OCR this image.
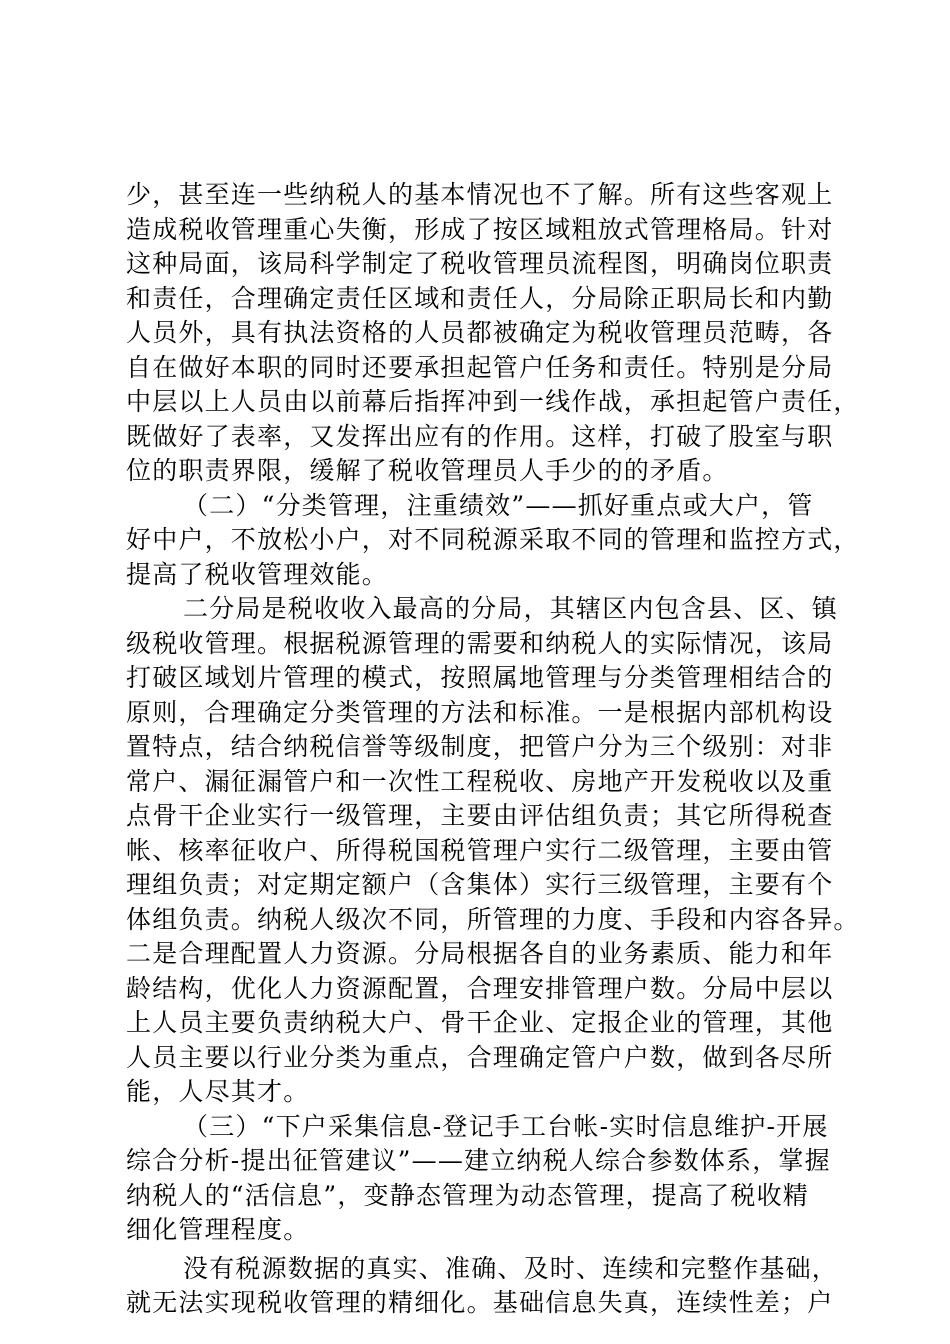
少，甚至连一些纳税人的基本情况也不了解。所有这些客观上
造成税收管理重心失衡，形成了按区域粗放式管理格局。针对
这种局面，该局科学制定了税收管理员流程图，明确岗位职责
和责任，合理确定责任区域和责任人，分局除正职局长和内勤
人员外，具有执法资格的人员都被确定为税收管理员范畴，各
自在做好本职的同时还要承担起管户任务和责任。特别是分局
中层以上人员由以前幕后指挥冲到一线作战，承担起管户责任，
既做好了表率，又发挥出应有的作用。这样，打破了股室与职
位的职责界限，缓解了税收管理员人手少的的矛盾。
（二）“分类管理，注重绩效”——抓好重点或大户，管
好中户，不放松小户，对不同税源采取不同的管理和监控方式，
提高了税收管理效能。
二分局是税收收入最高的分局，其辖区内包含县、区、镇
级税收管理。根据税源管理的需要和纳税人的实际情况，该局
打破区域划片管理的模式，按照属地管理与分类管理相结合的
原则，合理确定分类管理的方法和标准。一是根据内部机构设
置特点，结合纳税信誉等级制度，把管户分为三个级别：对非
常户、漏征漏管户和一次性工程税收、房地产开发税收以及重
点骨干企业实行一级管理，主要由评估组负责；其它所得税查
帐、核率征收户、所得税国税管理户实行二级管理，主要由管
理组负责；对定期定额户（含集体）实行三级管理，主要有个
体组负责。纳税人级次不同，所管理的力度、手段和内容各异。
二是合理配置人力资源。分局根据各自的业务素质、能力和年
龄结构，优化人力资源配置，合理安排管理户数。分局中层以
上人员主要负责纳税大户、骨干企业、定报企业的管理，其他
人员主要以行业分类为重点，合理确定管户户数，做到各尽所
能，人尽其才。
（三）“下户采集信息-登记手工台帐-实时信息维护-开展
综合分析-提出征管建议”——建立纳税人综合参数体系，掌握
纳税人的“活信息”，变静态管理为动态管理，提高了税收精
细化管理程度。
没有税源数据的真实、准确、及时、连续和完整作基础，
就无法实现税收管理的精细化。基础信息失真，连续性差；户
